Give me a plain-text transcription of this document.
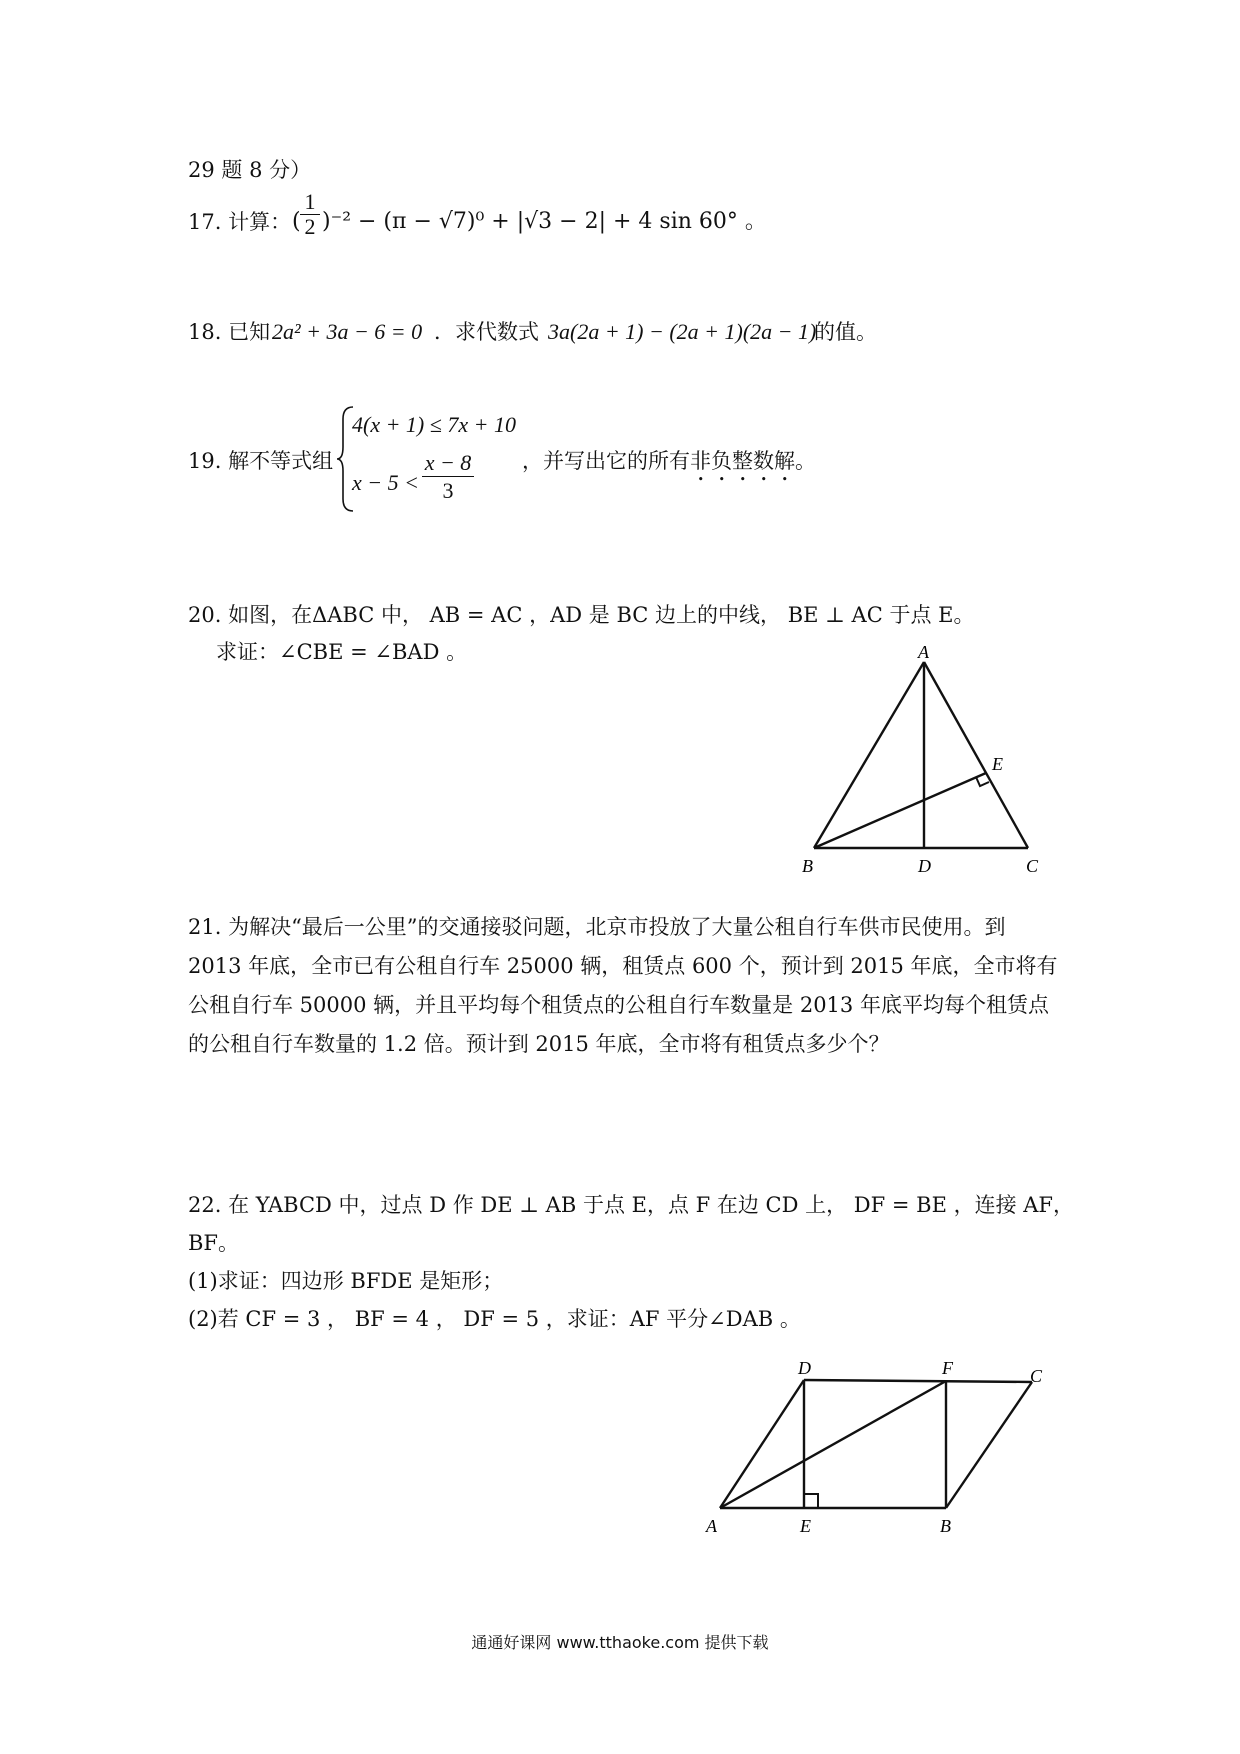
29 题 8 分）
17. 计算： (
1
2 )⁻² − (π − √7)⁰ + |√3 − 2| + 4 sin 60° 。
18. 已知 2a² + 3a − 6 = 0 ．求代数式 3a(2a + 1) − (2a + 1)(2a − 1)
的值。
19. 解不等式组
4(x + 1) ≤ 7x + 10
x − 5 <
x − 8
3
，并写出它的所有非负整数解。
20. 如图，在ΔABC 中， AB = AC ，AD 是 BC 边上的中线， BE ⊥ AC 于点 E。
求证：∠CBE = ∠BAD 。	A
B	C
D
E
21. 为解决“最后一公里”的交通接驳问题，北京市投放了大量公租自行车供市民使用。到 2013 年底，全市已有公租自行车 25000 辆，租赁点 600 个，预计到 2015 年底，全市将有公租自行车 50000 辆，并且平均每个租赁点的公租自行车数量是 2013 年底平均每个租赁点的公租自行车数量的 1.2 倍。预计到 2015 年底，全市将有租赁点多少个？
22. 在 YABCD 中，过点 D 作 DE ⊥ AB 于点 E，点 F 在边 CD 上， DF = BE ，连接 AF，
BF。
(1)求证：四边形 BFDE 是矩形；
(2)若 CF = 3 ， BF = 4 ， DF = 5 ，求证：AF 平分∠DAB 。
A	B
C
D
E
F
通通好课网 www.tthaoke.com 提供下载
